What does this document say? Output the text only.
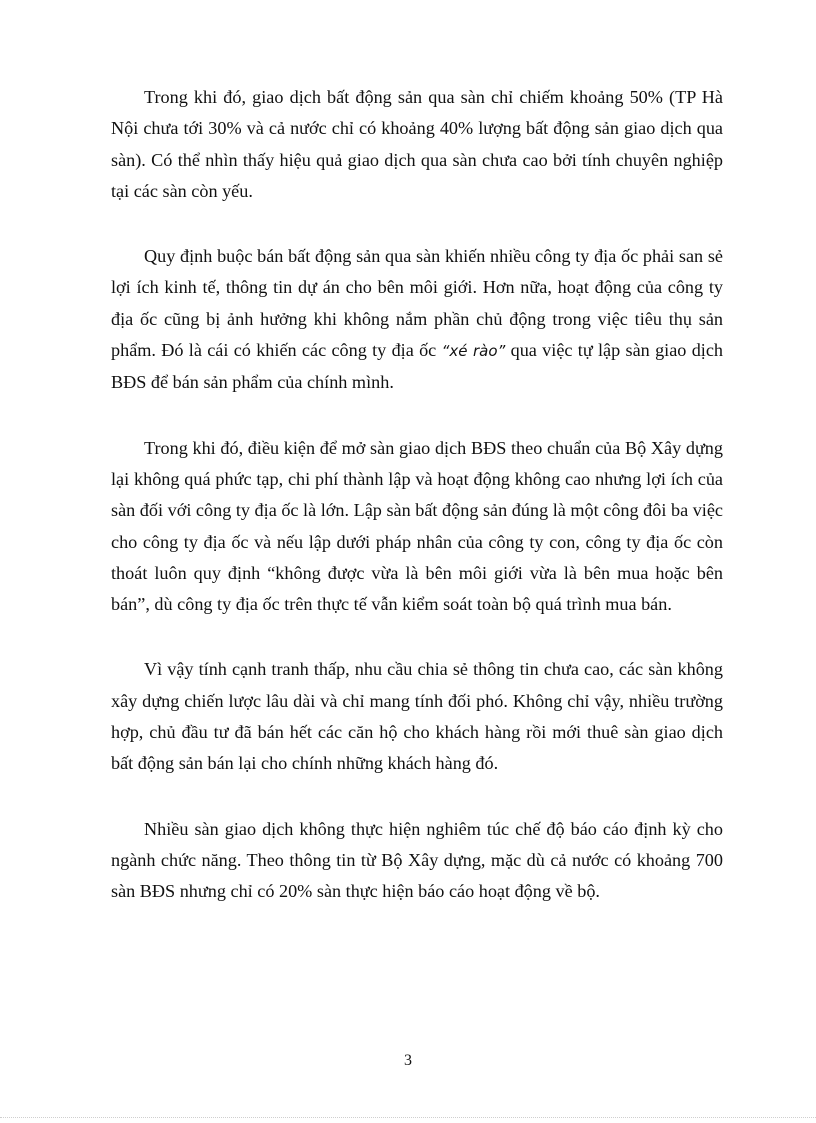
Trong khi đó, giao dịch bất động sản qua sàn chỉ chiếm khoảng 50% (TP Hà Nội chưa tới 30% và cả nước chỉ có khoảng 40% lượng bất động sản giao dịch qua sàn). Có thể nhìn thấy hiệu quả giao dịch qua sàn chưa cao bởi tính chuyên nghiệp tại các sàn còn yếu.

Quy định buộc bán bất động sản qua sàn khiến nhiều công ty địa ốc phải san sẻ lợi ích kinh tế, thông tin dự án cho bên môi giới. Hơn nữa, hoạt động của công ty địa ốc cũng bị ảnh hưởng khi không nắm phần chủ động trong việc tiêu thụ sản phẩm. Đó là cái có khiến các công ty địa ốc “xé rào” qua việc tự lập sàn giao dịch BĐS để bán sản phẩm của chính mình.

Trong khi đó, điều kiện để mở sàn giao dịch BĐS theo chuẩn của Bộ Xây dựng lại không quá phức tạp, chi phí thành lập và hoạt động không cao nhưng lợi ích của sàn đối với công ty địa ốc là lớn. Lập sàn bất động sản đúng là một công đôi ba việc cho công ty địa ốc và nếu lập dưới pháp nhân của công ty con, công ty địa ốc còn thoát luôn quy định “không được vừa là bên môi giới vừa là bên mua hoặc bên bán”, dù công ty địa ốc trên thực tế vẫn kiểm soát toàn bộ quá trình mua bán.

Vì vậy tính cạnh tranh thấp, nhu cầu chia sẻ thông tin chưa cao, các sàn không xây dựng chiến lược lâu dài và chỉ mang tính đối phó. Không chỉ vậy, nhiều trường hợp, chủ đầu tư đã bán hết các căn hộ cho khách hàng rồi mới thuê sàn giao dịch bất động sản bán lại cho chính những khách hàng đó.

Nhiều sàn giao dịch không thực hiện nghiêm túc chế độ báo cáo định kỳ cho ngành chức năng. Theo thông tin từ Bộ Xây dựng, mặc dù cả nước có khoảng 700 sàn BĐS nhưng chỉ có 20% sàn thực hiện báo cáo hoạt động về bộ.

3
